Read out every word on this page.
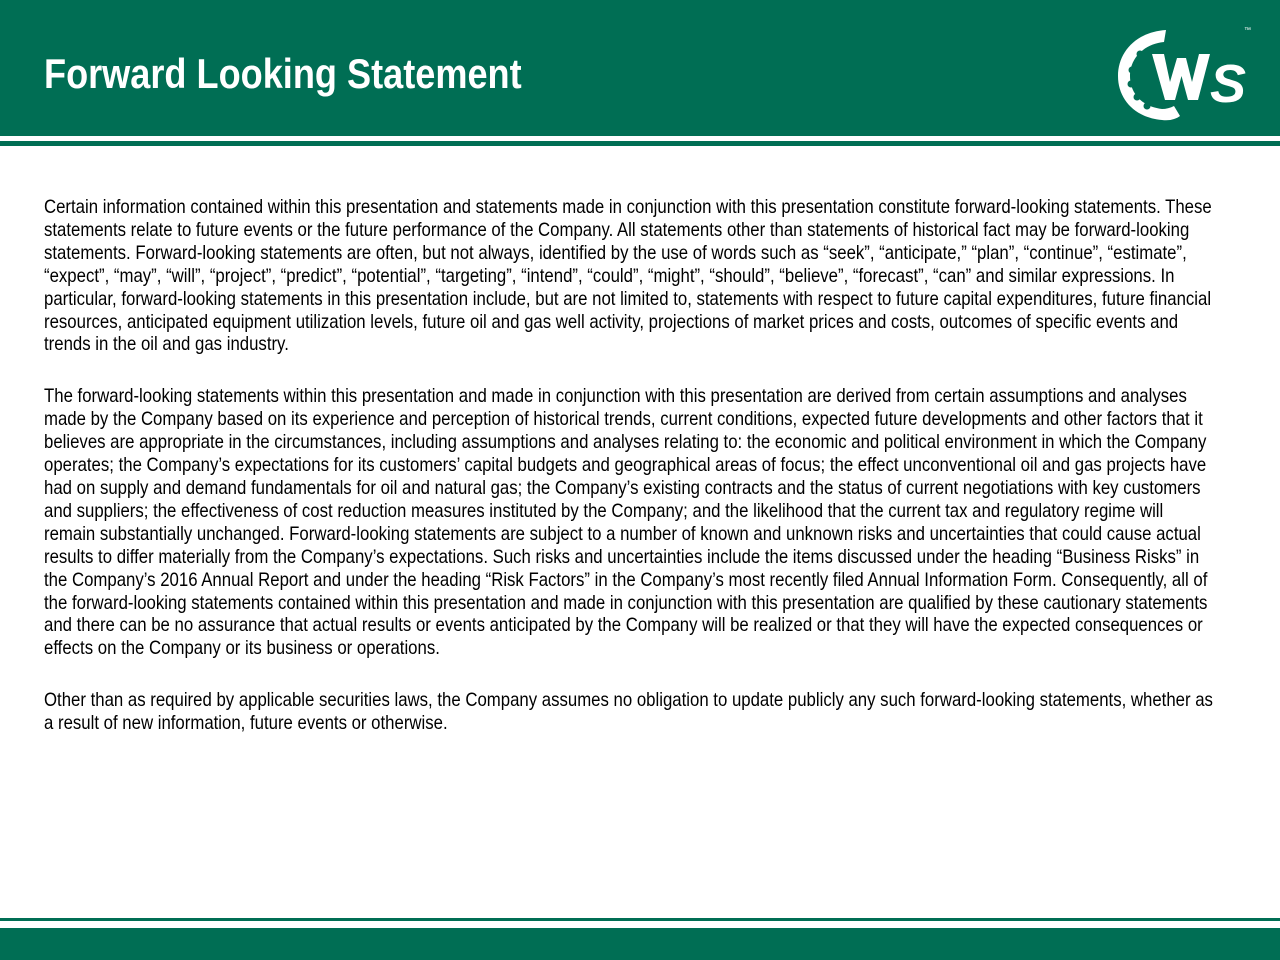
Forward Looking Statement	S
™

Certain information contained within this presentation and statements made in conjunction with this presentation constitute forward-looking statements. These statements relate to future events or the future performance of the Company. All statements other than statements of historical fact may be forward-looking statements. Forward-looking statements are often, but not always, identified by the use of words such as “seek”, “anticipate,” “plan”, “continue”, “estimate”, “expect”, “may”, “will”, “project”, “predict”, “potential”, “targeting”, “intend”, “could”, “might”, “should”, “believe”, “forecast”, “can” and similar expressions. In particular, forward-looking statements in this presentation include, but are not limited to, statements with respect to future capital expenditures, future financial resources, anticipated equipment utilization levels, future oil and gas well activity, projections of market prices and costs, outcomes of specific events and trends in the oil and gas industry.

The forward-looking statements within this presentation and made in conjunction with this presentation are derived from certain assumptions and analyses made by the Company based on its experience and perception of historical trends, current conditions, expected future developments and other factors that it believes are appropriate in the circumstances, including assumptions and analyses relating to: the economic and political environment in which the Company operates; the Company’s expectations for its customers’ capital budgets and geographical areas of focus; the effect unconventional oil and gas projects have had on supply and demand fundamentals for oil and natural gas; the Company’s existing contracts and the status of current negotiations with key customers and suppliers; the effectiveness of cost reduction measures instituted by the Company; and the likelihood that the current tax and regulatory regime will remain substantially unchanged. Forward-looking statements are subject to a number of known and unknown risks and uncertainties that could cause actual results to differ materially from the Company’s expectations. Such risks and uncertainties include the items discussed under the heading “Business Risks” in the Company’s 2016 Annual Report and under the heading “Risk Factors” in the Company’s most recently filed Annual Information Form. Consequently, all of the forward-looking statements contained within this presentation and made in conjunction with this presentation are qualified by these cautionary statements and there can be no assurance that actual results or events anticipated by the Company will be realized or that they will have the expected consequences or effects on the Company or its business or operations.

Other than as required by applicable securities laws, the Company assumes no obligation to update publicly any such forward-looking statements, whether as a result of new information, future events or otherwise.
